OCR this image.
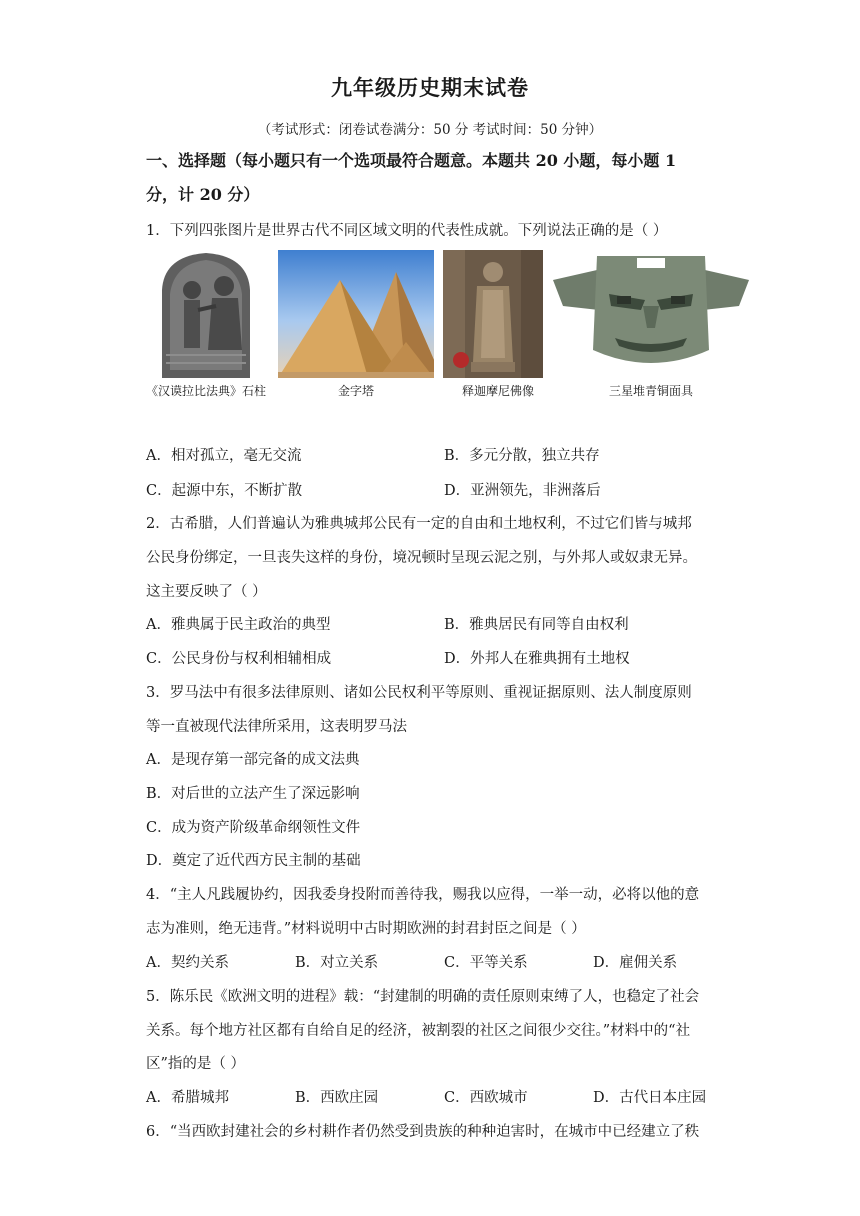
九年级历史期末试卷
（考试形式：闭卷试卷满分：50 分 考试时间：50 分钟）
一、选择题（每小题只有一个选项最符合题意。本题共 20 小题，每小题 1
分，计 20 分）
1．下列四张图片是世界古代不同区域文明的代表性成就。下列说法正确的是（ ）
《汉谟拉比法典》石柱	金字塔	释迦摩尼佛像	三星堆青铜面具
A．相对孤立，毫无交流	B．多元分散，独立共存
C．起源中东，不断扩散	D．亚洲领先，非洲落后
2．古希腊，人们普遍认为雅典城邦公民有一定的自由和土地权利，不过它们皆与城邦
公民身份绑定，一旦丧失这样的身份，境况顿时呈现云泥之别，与外邦人或奴隶无异。
这主要反映了（ ）
A．雅典属于民主政治的典型	B．雅典居民有同等自由权利
C．公民身份与权利相辅相成	D．外邦人在雅典拥有土地权
3．罗马法中有很多法律原则、诸如公民权利平等原则、重视证据原则、法人制度原则
等一直被现代法律所采用，这表明罗马法
A．是现存第一部完备的成文法典
B．对后世的立法产生了深远影响
C．成为资产阶级革命纲领性文件
D．奠定了近代西方民主制的基础
4．“主人凡践履协约，因我委身投附而善待我，赐我以应得，一举一动，必将以他的意
志为准则，绝无违背。”材料说明中古时期欧洲的封君封臣之间是（ ）
A．契约关系	B．对立关系	C．平等关系	D．雇佣关系
5．陈乐民《欧洲文明的进程》载：“封建制的明确的责任原则束缚了人，也稳定了社会
关系。每个地方社区都有自给自足的经济，被割裂的社区之间很少交往。”材料中的“社
区”指的是（ ）
A．希腊城邦	B．西欧庄园	C．西欧城市	D．古代日本庄园
6．“当西欧封建社会的乡村耕作者仍然受到贵族的种种迫害时，在城市中已经建立了秩
